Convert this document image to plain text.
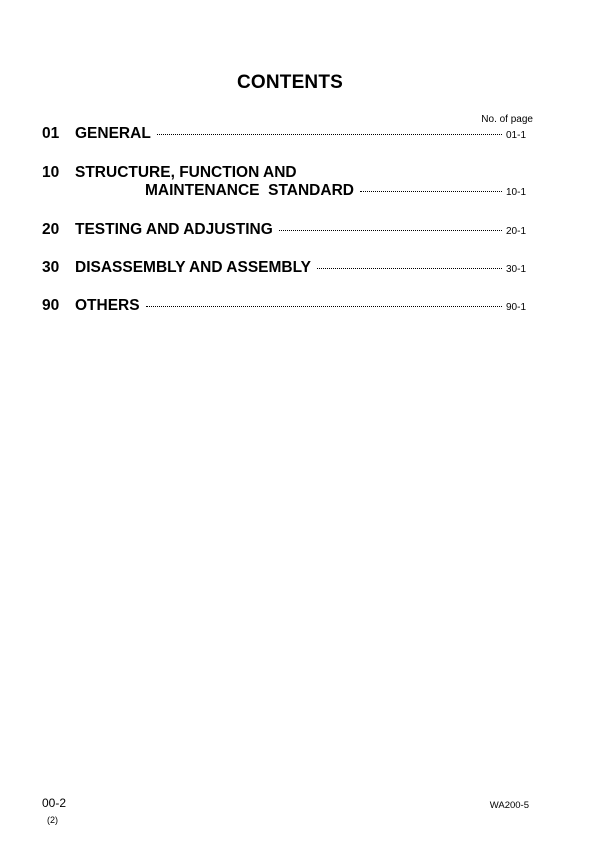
CONTENTS
No. of page
01 GENERAL	01-1
10 STRUCTURE, FUNCTION AND
MAINTENANCE  STANDARD	10-1
20 TESTING AND ADJUSTING	20-1
30 DISASSEMBLY AND ASSEMBLY	30-1
90 OTHERS	90-1
00-2
(2)
WA200-5
